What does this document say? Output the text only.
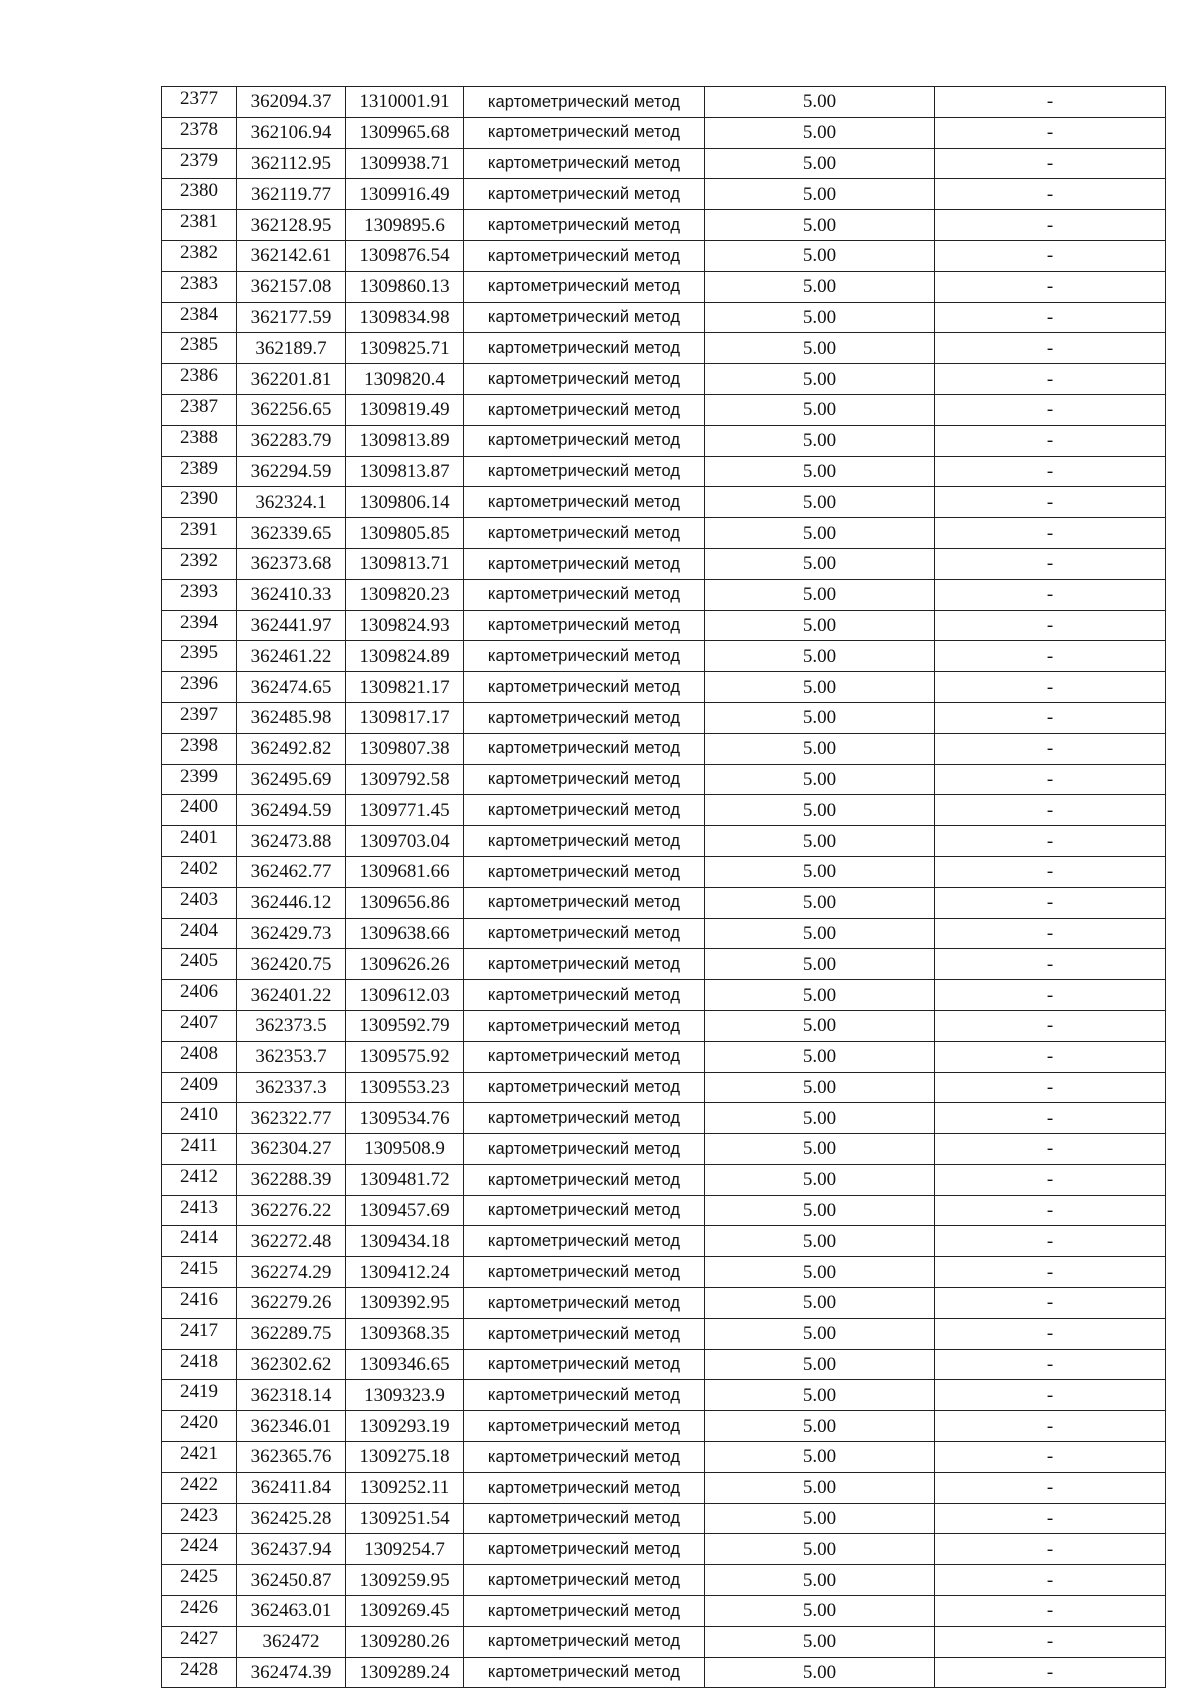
2377	362094.37	1310001.91	картометрический метод	5.00	-
2378	362106.94	1309965.68	картометрический метод	5.00	-
2379	362112.95	1309938.71	картометрический метод	5.00	-
2380	362119.77	1309916.49	картометрический метод	5.00	-
2381	362128.95	1309895.6	картометрический метод	5.00	-
2382	362142.61	1309876.54	картометрический метод	5.00	-
2383	362157.08	1309860.13	картометрический метод	5.00	-
2384	362177.59	1309834.98	картометрический метод	5.00	-
2385	362189.7	1309825.71	картометрический метод	5.00	-
2386	362201.81	1309820.4	картометрический метод	5.00	-
2387	362256.65	1309819.49	картометрический метод	5.00	-
2388	362283.79	1309813.89	картометрический метод	5.00	-
2389	362294.59	1309813.87	картометрический метод	5.00	-
2390	362324.1	1309806.14	картометрический метод	5.00	-
2391	362339.65	1309805.85	картометрический метод	5.00	-
2392	362373.68	1309813.71	картометрический метод	5.00	-
2393	362410.33	1309820.23	картометрический метод	5.00	-
2394	362441.97	1309824.93	картометрический метод	5.00	-
2395	362461.22	1309824.89	картометрический метод	5.00	-
2396	362474.65	1309821.17	картометрический метод	5.00	-
2397	362485.98	1309817.17	картометрический метод	5.00	-
2398	362492.82	1309807.38	картометрический метод	5.00	-
2399	362495.69	1309792.58	картометрический метод	5.00	-
2400	362494.59	1309771.45	картометрический метод	5.00	-
2401	362473.88	1309703.04	картометрический метод	5.00	-
2402	362462.77	1309681.66	картометрический метод	5.00	-
2403	362446.12	1309656.86	картометрический метод	5.00	-
2404	362429.73	1309638.66	картометрический метод	5.00	-
2405	362420.75	1309626.26	картометрический метод	5.00	-
2406	362401.22	1309612.03	картометрический метод	5.00	-
2407	362373.5	1309592.79	картометрический метод	5.00	-
2408	362353.7	1309575.92	картометрический метод	5.00	-
2409	362337.3	1309553.23	картометрический метод	5.00	-
2410	362322.77	1309534.76	картометрический метод	5.00	-
2411	362304.27	1309508.9	картометрический метод	5.00	-
2412	362288.39	1309481.72	картометрический метод	5.00	-
2413	362276.22	1309457.69	картометрический метод	5.00	-
2414	362272.48	1309434.18	картометрический метод	5.00	-
2415	362274.29	1309412.24	картометрический метод	5.00	-
2416	362279.26	1309392.95	картометрический метод	5.00	-
2417	362289.75	1309368.35	картометрический метод	5.00	-
2418	362302.62	1309346.65	картометрический метод	5.00	-
2419	362318.14	1309323.9	картометрический метод	5.00	-
2420	362346.01	1309293.19	картометрический метод	5.00	-
2421	362365.76	1309275.18	картометрический метод	5.00	-
2422	362411.84	1309252.11	картометрический метод	5.00	-
2423	362425.28	1309251.54	картометрический метод	5.00	-
2424	362437.94	1309254.7	картометрический метод	5.00	-
2425	362450.87	1309259.95	картометрический метод	5.00	-
2426	362463.01	1309269.45	картометрический метод	5.00	-
2427	362472	1309280.26	картометрический метод	5.00	-
2428	362474.39	1309289.24	картометрический метод	5.00	-
